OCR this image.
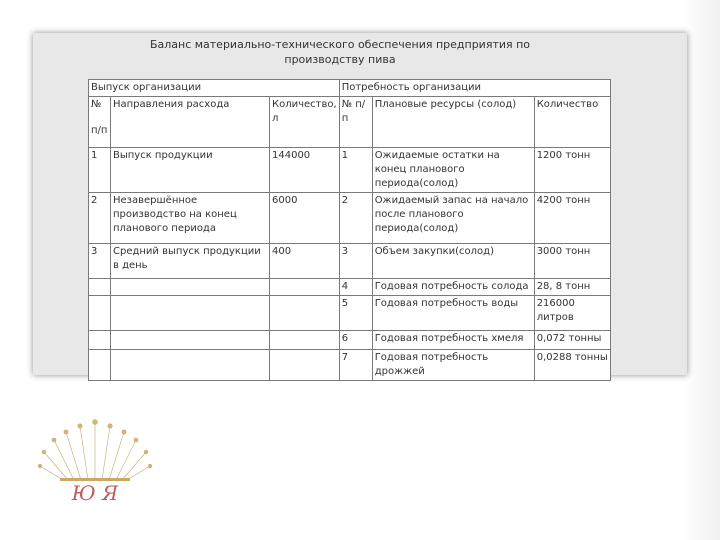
Баланс материально-технического обеспечения предприятия по
производству пива
Выпуск организации			Потребность организации		

№
п/п	Направления расхода	Количество, л	№ п/п	Плановые ресурсы (солод)	Количество
1	Выпуск продукции	144000	1	Ожидаемые остатки на конец планового периода(солод)	1200 тонн
2	Незавершённое производство на конец планового периода	6000	2	Ожидаемый запас на начало после планового периода(солод)	4200 тонн
3	Средний выпуск продукции в день	400	3	Объем закупки(солод)	3000 тонн
			4	Годовая потребность солода	28, 8 тонн
			5	Годовая потребность воды	216000 литров
			6	Годовая потребность хмеля	0,072 тонны
			7	Годовая потребность дрожжей	0,0288 тонны
Ю Я
